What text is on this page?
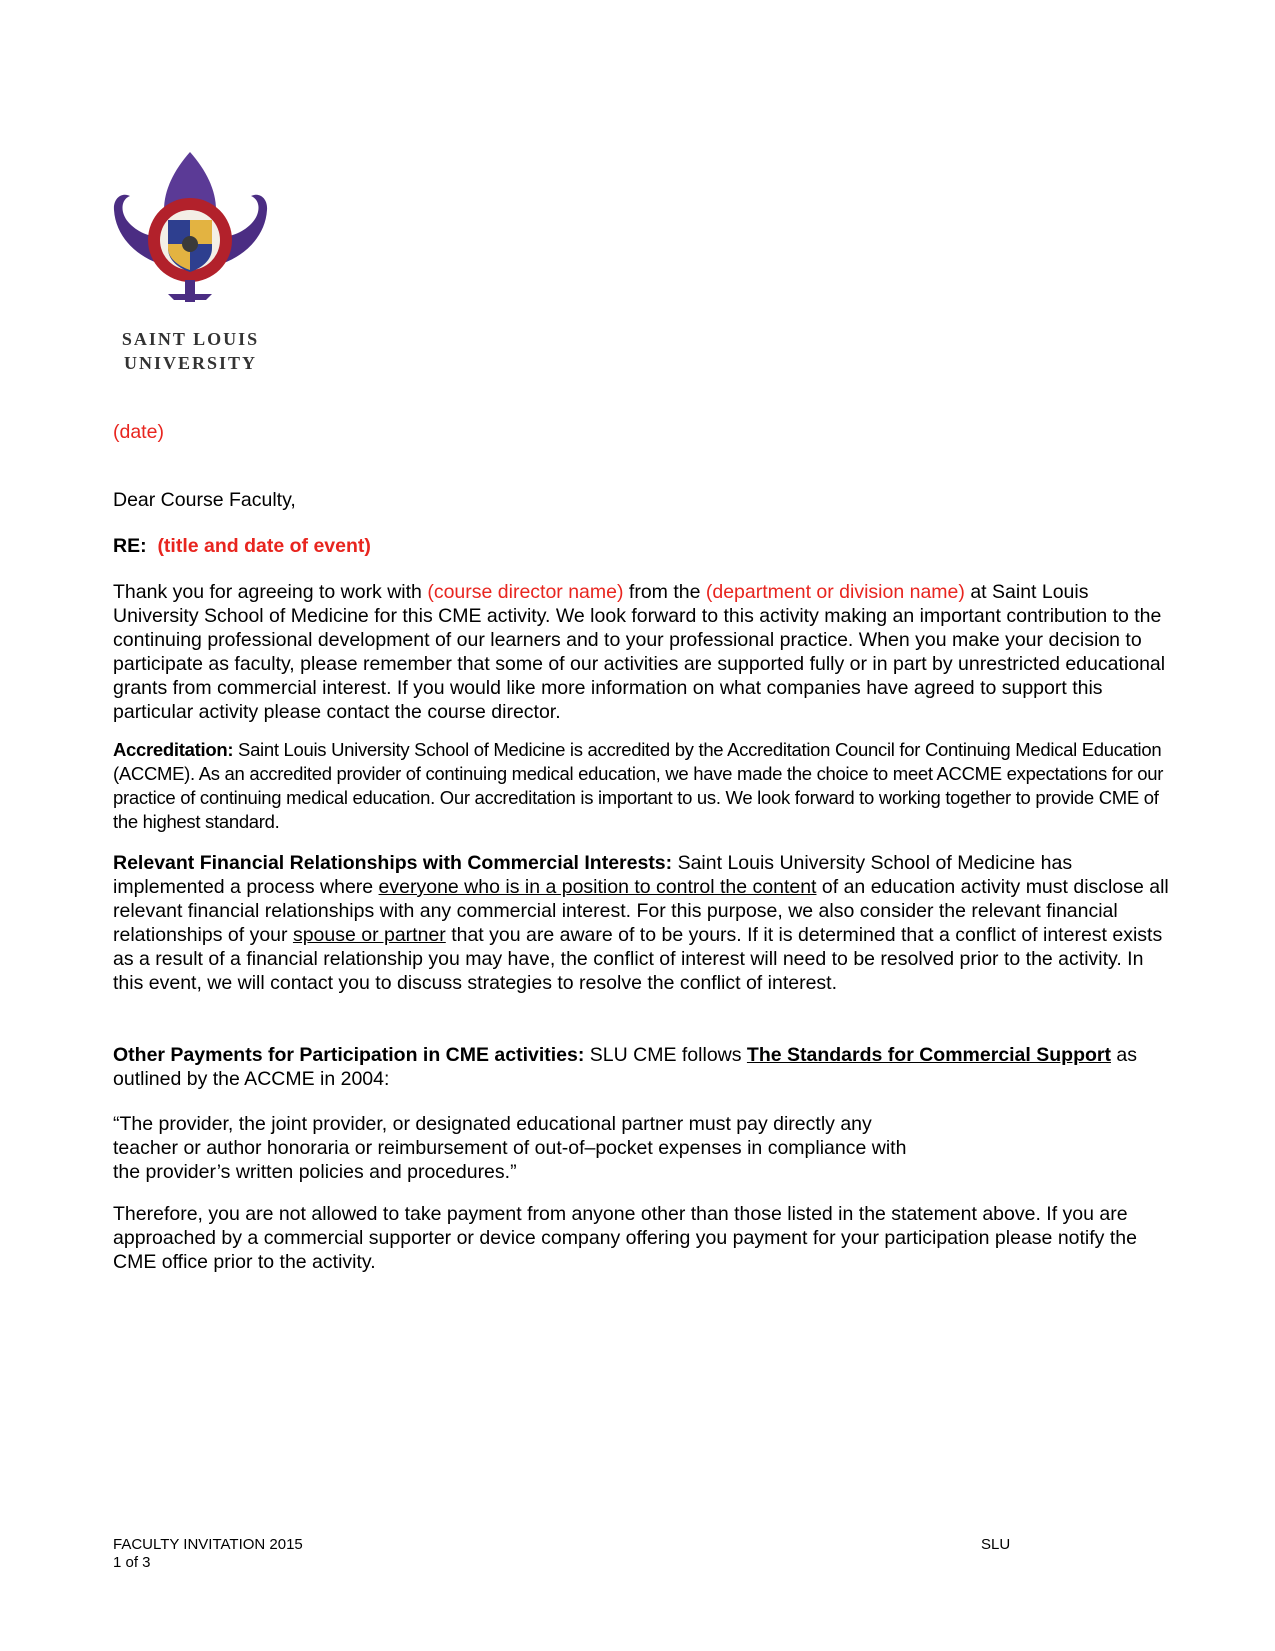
SAINT LOUIS
UNIVERSITY
(date)
Dear Course Faculty,
RE: (title and date of event)

Thank you for agreeing to work with (course director name) from the (department or division name) at Saint Louis University School of Medicine for this CME activity. We look forward to this activity making an important contribution to the continuing professional development of our learners and to your professional practice. When you make your decision to participate as faculty, please remember that some of our activities are supported fully or in part by unrestricted educational grants from commercial interest. If you would like more information on what companies have agreed to support this particular activity please contact the course director.

Accreditation: Saint Louis University School of Medicine is accredited by the Accreditation Council for Continuing Medical Education (ACCME). As an accredited provider of continuing medical education, we have made the choice to meet ACCME expectations for our practice of continuing medical education. Our accreditation is important to us. We look forward to working together to provide CME of the highest standard.

Relevant Financial Relationships with Commercial Interests: Saint Louis University School of Medicine has implemented a process where everyone who is in a position to control the content of an education activity must disclose all relevant financial relationships with any commercial interest. For this purpose, we also consider the relevant financial relationships of your spouse or partner that you are aware of to be yours. If it is determined that a conflict of interest exists as a result of a financial relationship you may have, the conflict of interest will need to be resolved prior to the activity. In this event, we will contact you to discuss strategies to resolve the conflict of interest.

Other Payments for Participation in CME activities: SLU CME follows The Standards for Commercial Support as outlined by the ACCME in 2004:

“The provider, the joint provider, or designated educational partner must pay directly any
teacher or author honoraria or reimbursement of out-of–pocket expenses in compliance with
the provider’s written policies and procedures.”
Therefore, you are not allowed to take payment from anyone other than those listed in the statement above. If you are approached by a commercial supporter or device company offering you payment for your participation please notify the CME office prior to the activity.
FACULTY INVITATION 2015
1 of 3
SLU
